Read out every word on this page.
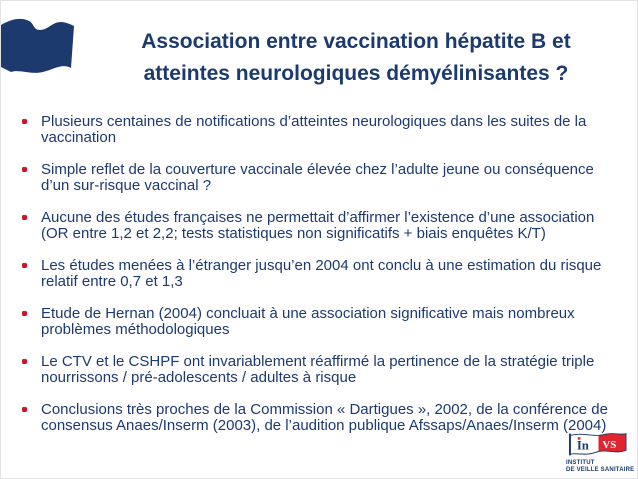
Association entre vaccination hépatite B et
atteintes neurologiques démyélinisantes ?
Plusieurs centaines de notifications d’atteintes neurologiques dans les suites de la vaccination
Simple reflet de la couverture vaccinale élevée chez l’adulte jeune ou conséquence d’un sur-risque vaccinal ?
Aucune des études françaises ne permettait d’affirmer l’existence d’une association (OR entre 1,2 et 2,2; tests statistiques non significatifs + biais enquêtes K/T)
Les études menées à l’étranger jusqu’en 2004 ont conclu à une estimation du risque relatif entre 0,7 et 1,3
Etude de Hernan (2004) concluait à une association significative mais nombreux problèmes méthodologiques
Le CTV et le CSHPF ont invariablement réaffirmé la pertinence de la stratégie triple nourrissons / pré-adolescents / adultes à risque
Conclusions très proches de la Commission « Dartigues », 2002, de la conférence de consensus Anaes/Inserm (2003), de l’audition publique Afssaps/Anaes/Inserm (2004)
In VS
INSTITUT
DE VEILLE SANITAIRE
